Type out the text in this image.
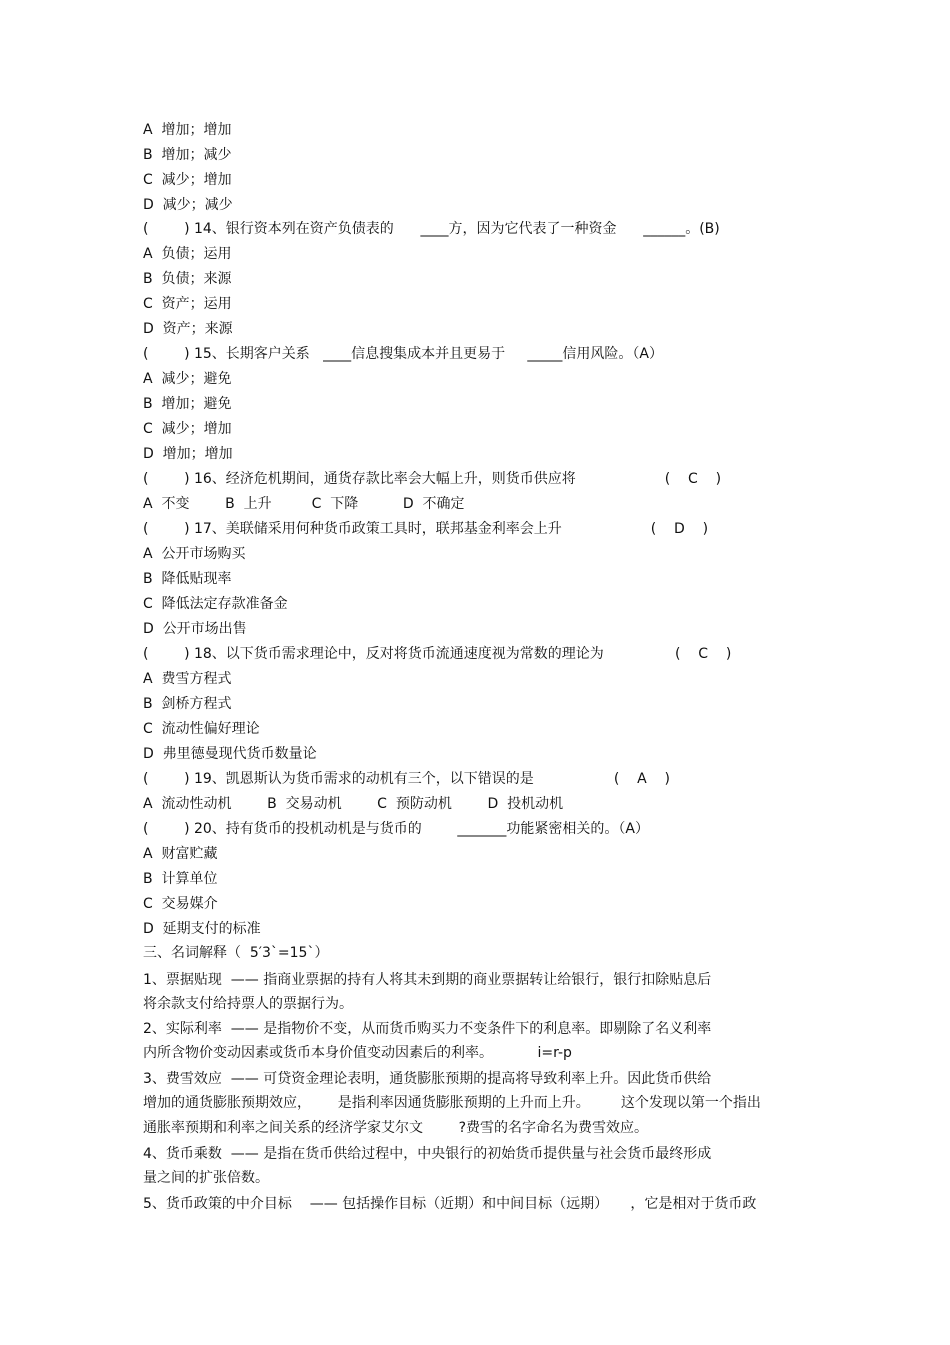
A  增加；增加

B  增加；减少

C  减少；增加

D  减少；减少

(        ) 14、银行资本列在资产负债表的      ____方，因为它代表了一种资金      ______。(B)

A  负债；运用

B  负债；来源

C  资产；运用

D  资产；来源

(        ) 15、长期客户关系   ____信息搜集成本并且更易于     _____信用风险。（A）

A  减少；避免

B  增加；避免

C  减少；增加

D  增加；增加

(        ) 16、经济危机期间，通货存款比率会大幅上升，则货币供应将                    (    C    )

A  不变        B  上升         C  下降          D  不确定

(        ) 17、美联储采用何种货币政策工具时，联邦基金利率会上升                    (    D    )

A  公开市场购买

B  降低贴现率

C  降低法定存款准备金

D  公开市场出售

(        ) 18、以下货币需求理论中，反对将货币流通速度视为常数的理论为                (    C    )

A  费雪方程式

B  剑桥方程式

C  流动性偏好理论

D  弗里德曼现代货币数量论

(        ) 19、凯恩斯认为货币需求的动机有三个，以下错误的是                  (    A    )

A  流动性动机        B  交易动机        C  预防动机        D  投机动机

(        ) 20、持有货币的投机动机是与货币的        _______功能紧密相关的。（A）

A  财富贮藏

B  计算单位

C  交易媒介

D  延期支付的标准

三、名词解释（  5′3`=15`）

1、票据贴现  —— 指商业票据的持有人将其未到期的商业票据转让给银行，银行扣除贴息后

将余款支付给持票人的票据行为。

2、实际利率  —— 是指物价不变，从而货币购买力不变条件下的利息率。即剔除了名义利率

内所含物价变动因素或货币本身价值变动因素后的利率。          i=r-p

3、费雪效应  —— 可贷资金理论表明，通货膨胀预期的提高将导致利率上升。因此货币供给

增加的通货膨胀预期效应，      是指利率因通货膨胀预期的上升而上升。       这个发现以第一个指出

通胀率预期和利率之间关系的经济学家艾尔文        ?费雪的名字命名为费雪效应。

4、货币乘数  —— 是指在货币供给过程中，中央银行的初始货币提供量与社会货币最终形成

量之间的扩张倍数。

5、货币政策的中介目标    —— 包括操作目标（近期）和中间目标（远期）     ，它是相对于货币政
